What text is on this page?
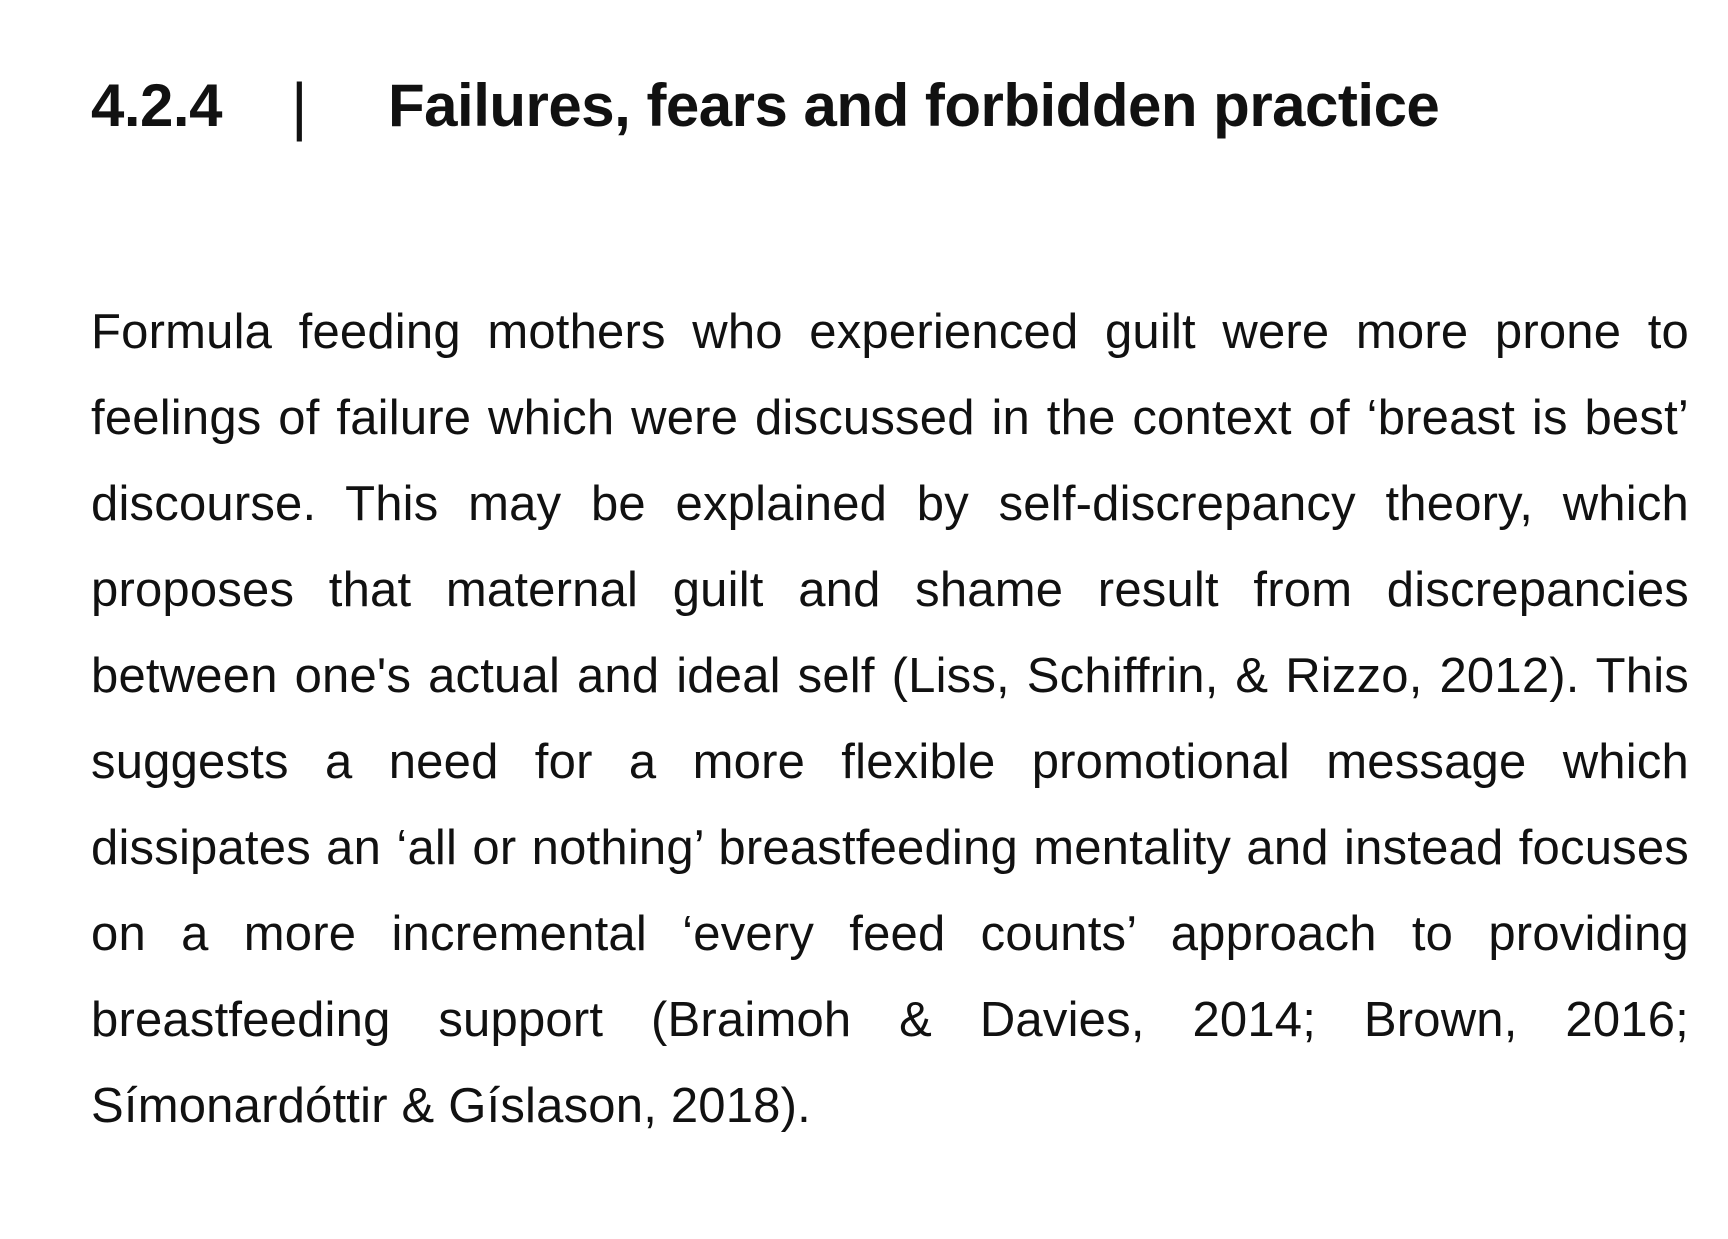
4.2.4	|	Failures, fears and forbidden practice

Formula feeding mothers who experienced guilt were more prone to feelings of failure which were discussed in the context of ‘breast is best’ discourse. This may be explained by self-discrepancy theory, which proposes that maternal guilt and shame result from discrepancies between one's actual and ideal self (Liss, Schiffrin, & Rizzo, 2012). This suggests a need for a more flexible promotional message which dissipates an ‘all or nothing’ breastfeeding mentality and instead focuses on a more incremental ‘every feed counts’ approach to providing breastfeeding support (Braimoh & Davies, 2014; Brown, 2016; Símonardóttir & Gíslason, 2018).
